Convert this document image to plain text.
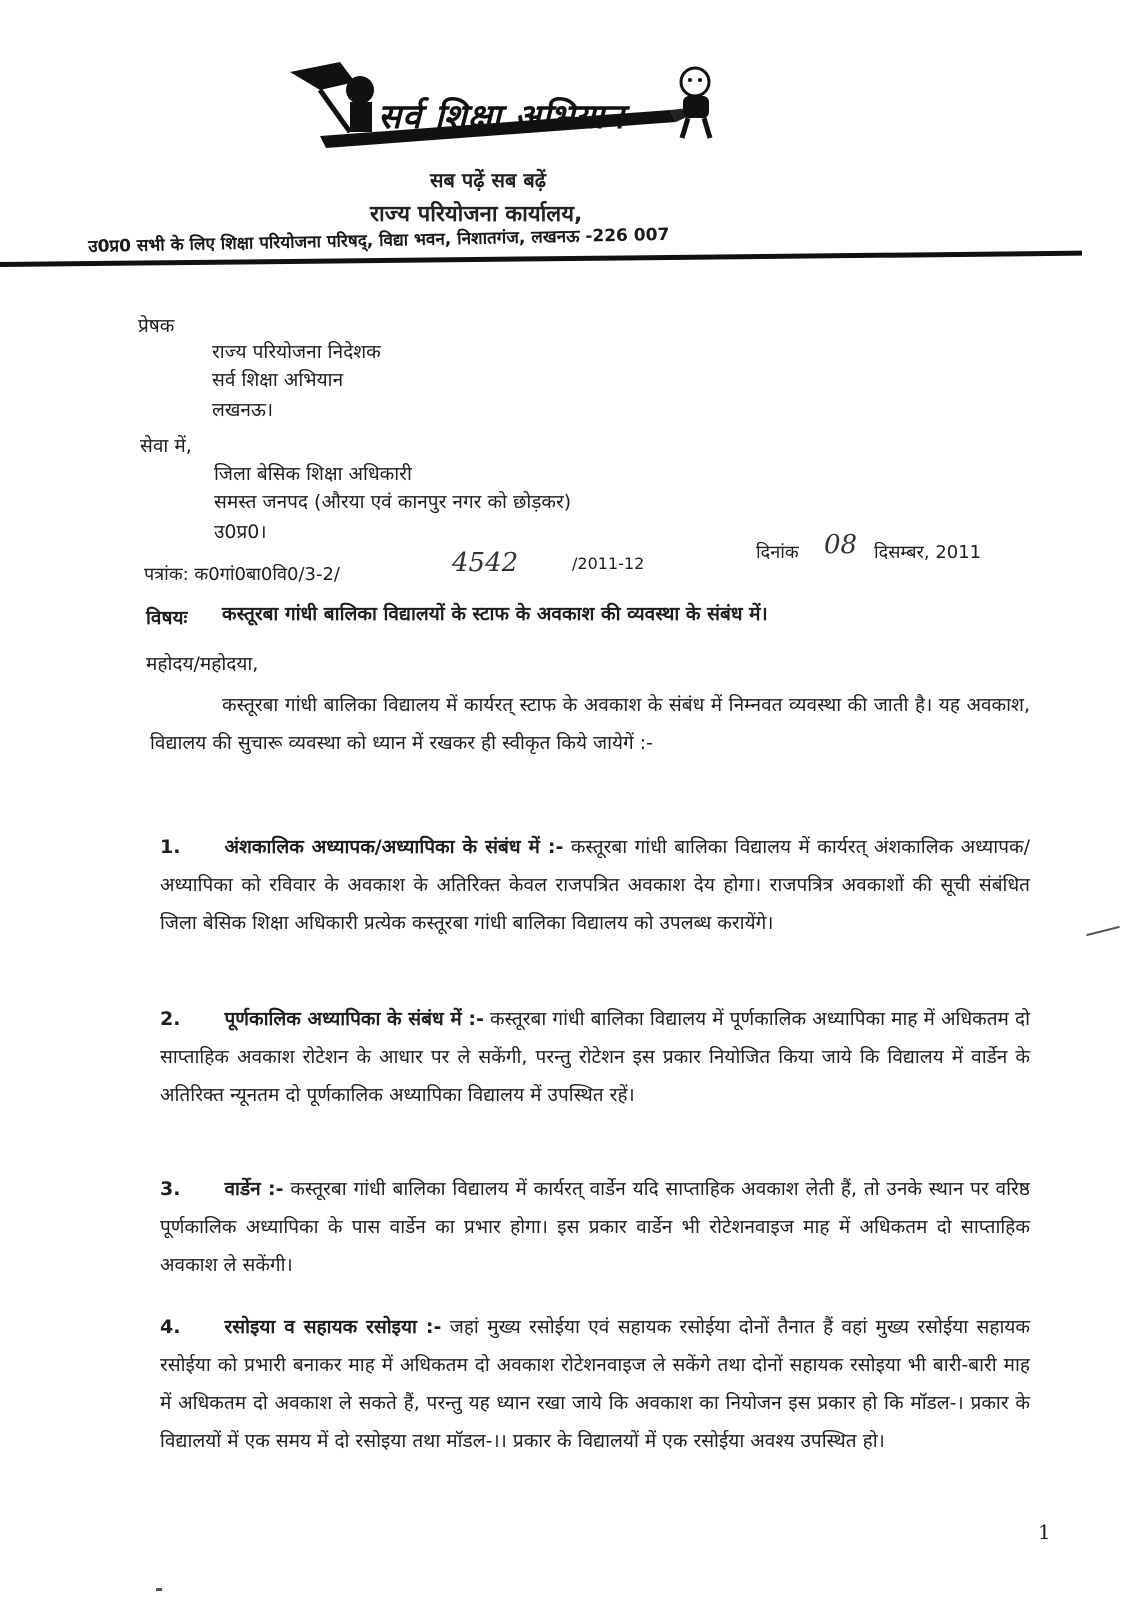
सर्व शिक्षा अभियान
सब पढ़ें सब बढ़ें
राज्य परियोजना कार्यालय,
उ0प्र0 सभी के लिए शिक्षा परियोजना परिषद्, विद्या भवन, निशातगंज, लखनऊ -226 007
प्रेषक
राज्य परियोजना निदेशक
सर्व शिक्षा अभियान
लखनऊ।
सेवा में,
जिला बेसिक शिक्षा अधिकारी
समस्त जनपद (औरया एवं कानपुर नगर को छोड़कर)
उ0प्र0।
पत्रांक: क0गां0बा0वि0/3-2/	4542	/2011-12
दिनांक 08 दिसम्बर, 2011
विषयः कस्तूरबा गांधी बालिका विद्यालयों के स्टाफ के अवकाश की व्यवस्था के संबंध में।
महोदय/महोदया,
कस्तूरबा गांधी बालिका विद्यालय में कार्यरत् स्टाफ के अवकाश के संबंध में निम्नवत व्यवस्था की जाती है। यह अवकाश, विद्यालय की सुचारू व्यवस्था को ध्यान में रखकर ही स्वीकृत किये जायेगें :-
1. अंशकालिक अध्यापक/अध्यापिका के संबंध में :- कस्तूरबा गांधी बालिका विद्यालय में कार्यरत् अंशकालिक अध्यापक/अध्यापिका को रविवार के अवकाश के अतिरिक्त केवल राजपत्रित अवकाश देय होगा। राजपत्रित्र अवकाशों की सूची संबंधित जिला बेसिक शिक्षा अधिकारी प्रत्येक कस्तूरबा गांधी बालिका विद्यालय को उपलब्ध करायेंगे।
2. पूर्णकालिक अध्यापिका के संबंध में :- कस्तूरबा गांधी बालिका विद्यालय में पूर्णकालिक अध्यापिका माह में अधिकतम दो साप्ताहिक अवकाश रोटेशन के आधार पर ले सकेंगी, परन्तु रोटेशन इस प्रकार नियोजित किया जाये कि विद्यालय में वार्डेन के अतिरिक्त न्यूनतम दो पूर्णकालिक अध्यापिका विद्यालय में उपस्थित रहें।
3. वार्डेन :- कस्तूरबा गांधी बालिका विद्यालय में कार्यरत् वार्डेन यदि साप्ताहिक अवकाश लेती हैं, तो उनके स्थान पर वरिष्ठ पूर्णकालिक अध्यापिका के पास वार्डेन का प्रभार होगा। इस प्रकार वार्डेन भी रोटेशनवाइज माह में अधिकतम दो साप्ताहिक अवकाश ले सकेंगी।
4. रसोइया व सहायक रसोइया :- जहां मुख्य रसोईया एवं सहायक रसोईया दोनों तैनात हैं वहां मुख्य रसोईया सहायक रसोईया को प्रभारी बनाकर माह में अधिकतम दो अवकाश रोटेशनवाइज ले सकेंगे तथा दोनों सहायक रसोइया भी बारी-बारी माह में अधिकतम दो अवकाश ले सकते हैं, परन्तु यह ध्यान रखा जाये कि अवकाश का नियोजन इस प्रकार हो कि मॉडल-। प्रकार के विद्यालयों में एक समय में दो रसोइया तथा मॉडल-।। प्रकार के विद्यालयों में एक रसोईया अवश्य उपस्थित हो।
1
